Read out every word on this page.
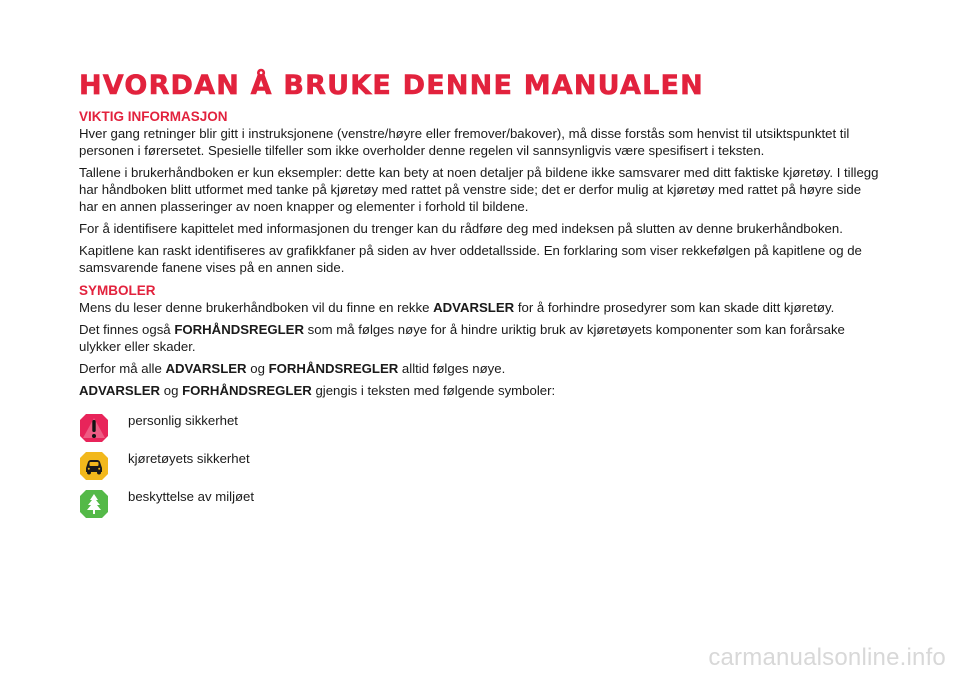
HVORDAN Å BRUKE DENNE MANUALEN
VIKTIG INFORMASJON

Hver gang retninger blir gitt i instruksjonene (venstre/høyre eller fremover/bakover), må disse forstås som henvist til utsiktspunktet til personen i førersetet. Spesielle tilfeller som ikke overholder denne regelen vil sannsynligvis være spesifisert i teksten.

Tallene i brukerhåndboken er kun eksempler: dette kan bety at noen detaljer på bildene ikke samsvarer med ditt faktiske kjøretøy. I tillegg har håndboken blitt utformet med tanke på kjøretøy med rattet på venstre side; det er derfor mulig at kjøretøy med rattet på høyre side har en annen plasseringer av noen knapper og elementer i forhold til bildene.

For å identifisere kapittelet med informasjonen du trenger kan du rådføre deg med indeksen på slutten av denne brukerhåndboken.

Kapitlene kan raskt identifiseres av grafikkfaner på siden av hver oddetallsside. En forklaring som viser rekkefølgen på kapitlene og de samsvarende fanene vises på en annen side.

SYMBOLER

Mens du leser denne brukerhåndboken vil du finne en rekke ADVARSLER for å forhindre prosedyrer som kan skade ditt kjøretøy.

Det finnes også FORHÅNDSREGLER som må følges nøye for å hindre uriktig bruk av kjøretøyets komponenter som kan forårsake ulykker eller skader.

Derfor må alle ADVARSLER og FORHÅNDSREGLER alltid følges nøye.

ADVARSLER og FORHÅNDSREGLER gjengis i teksten med følgende symboler:

personlig sikkerhet
kjøretøyets sikkerhet
beskyttelse av miljøet
carmanualsonline.info
